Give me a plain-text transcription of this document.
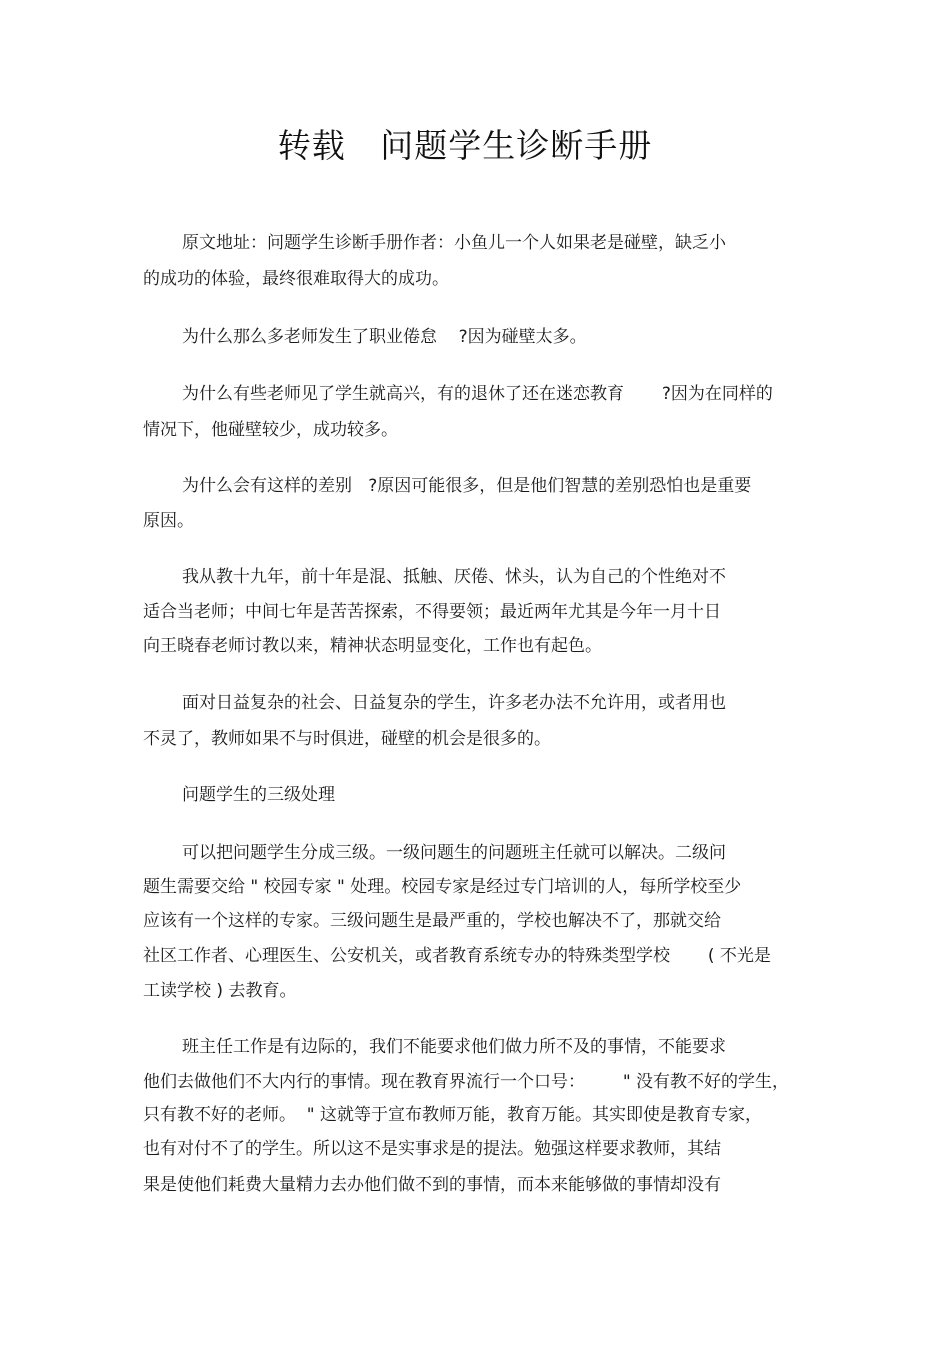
转载   问题学生诊断手册
原文地址：问题学生诊断手册作者：小鱼儿一个人如果老是碰壁，缺乏小
的成功的体验，最终很难取得大的成功。
为什么那么多老师发生了职业倦怠    ?因为碰壁太多。
为什么有些老师见了学生就高兴，有的退休了还在迷恋教育       ?因为在同样的
情况下，他碰壁较少，成功较多。
为什么会有这样的差别   ?原因可能很多，但是他们智慧的差别恐怕也是重要
原因。
我从教十九年，前十年是混、抵触、厌倦、怵头，认为自己的个性绝对不
适合当老师；中间七年是苦苦探索，不得要领；最近两年尤其是今年一月十日
向王晓春老师讨教以来，精神状态明显变化，工作也有起色。
面对日益复杂的社会、日益复杂的学生，许多老办法不允许用，或者用也
不灵了，教师如果不与时俱进，碰壁的机会是很多的。
问题学生的三级处理
可以把问题学生分成三级。一级问题生的问题班主任就可以解决。二级问
题生需要交给 " 校园专家 " 处理。校园专家是经过专门培训的人，每所学校至少
应该有一个这样的专家。三级问题生是最严重的，学校也解决不了，那就交给
社区工作者、心理医生、公安机关，或者教育系统专办的特殊类型学校       ( 不光是
工读学校 ) 去教育。
班主任工作是有边际的，我们不能要求他们做力所不及的事情，不能要求
他们去做他们不大内行的事情。现在教育界流行一个口号：       " 没有教不好的学生，
只有教不好的老师。  " 这就等于宣布教师万能，教育万能。其实即使是教育专家，
也有对付不了的学生。所以这不是实事求是的提法。勉强这样要求教师，其结
果是使他们耗费大量精力去办他们做不到的事情，而本来能够做的事情却没有
